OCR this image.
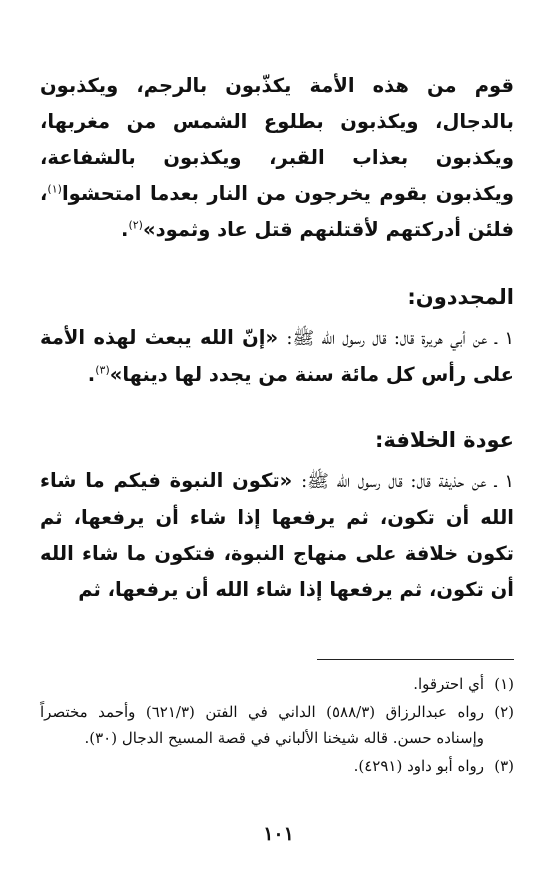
قوم من هذه الأمة يكذّبون بالرجم، ويكذبون بالدجال، ويكذبون بطلوع الشمس من مغربها، ويكذبون بعذاب القبر، ويكذبون بالشفاعة، ويكذبون بقوم يخرجون من النار بعدما امتحشوا$^{(١)}$، فلئن أدركتهم لأقتلنهم قتل عاد وثمود»$^{(٢)}$.

المجددون:

١ ـ عن أبي هريرة قال: قال رسول الله ﷺ: «إنّ الله يبعث لهذه الأمة على رأس كل مائة سنة من يجدد لها دينها»$^{(٣)}$.

عودة الخلافة:

١ ـ عن حذيفة قال: قال رسول الله ﷺ: «تكون النبوة فيكم ما شاء الله أن تكون، ثم يرفعها إذا شاء أن يرفعها، ثم تكون خلافة على منهاج النبوة، فتكون ما شاء الله أن تكون، ثم يرفعها إذا شاء الله أن يرفعها، ثم

(١)
أي احترقوا.
(٢)
رواه عبدالرزاق (٥٨٨/٣) الداني في الفتن (٦٢١/٣) وأحمد مختصراً وإسناده حسن. قاله شيخنا الألباني في قصة المسيح الدجال (٣٠).
(٣)
رواه أبو داود (٤٢٩١).
١٠١
